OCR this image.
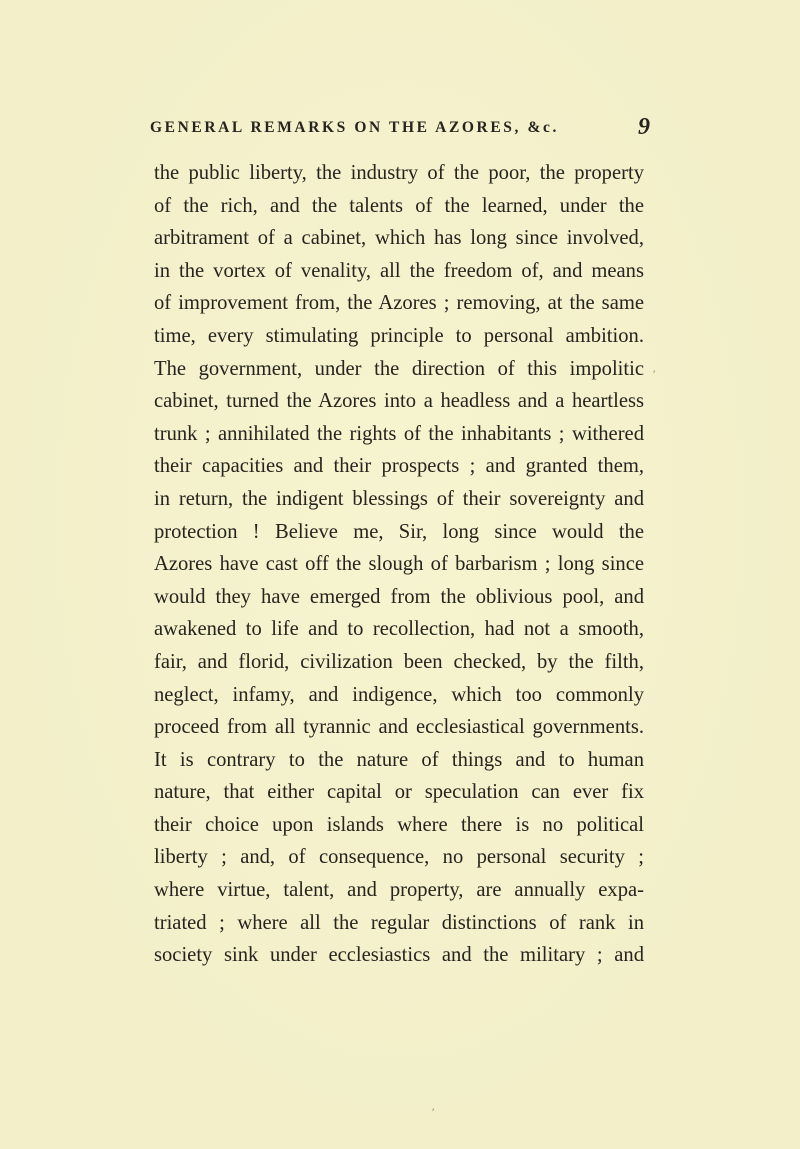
GENERAL REMARKS ON THE AZORES, &c.	9
the public liberty, the industry of the poor, the property
of the rich, and the talents of the learned, under the
arbitrament of a cabinet, which has long since involved,
in the vortex of venality, all the freedom of, and means
of improvement from, the Azores ; removing, at the same
time, every stimulating principle to personal ambition.
The government, under the direction of this impolitic
cabinet, turned the Azores into a headless and a heartless
trunk ; annihilated the rights of the inhabitants ; withered
their capacities and their prospects ; and granted them,
in return, the indigent blessings of their sovereignty and
protection ! Believe me, Sir, long since would the
Azores have cast off the slough of barbarism ; long since
would they have emerged from the oblivious pool, and
awakened to life and to recollection, had not a smooth,
fair, and florid, civilization been checked, by the filth,
neglect, infamy, and indigence, which too commonly
proceed from all tyrannic and ecclesiastical governments.
It is contrary to the nature of things and to human
nature, that either capital or speculation can ever fix
their choice upon islands where there is no political
liberty ; and, of consequence, no personal security ;
where virtue, talent, and property, are annually expa-
triated ; where all the regular distinctions of rank in
society sink under ecclesiastics and the military ; and
′
′
